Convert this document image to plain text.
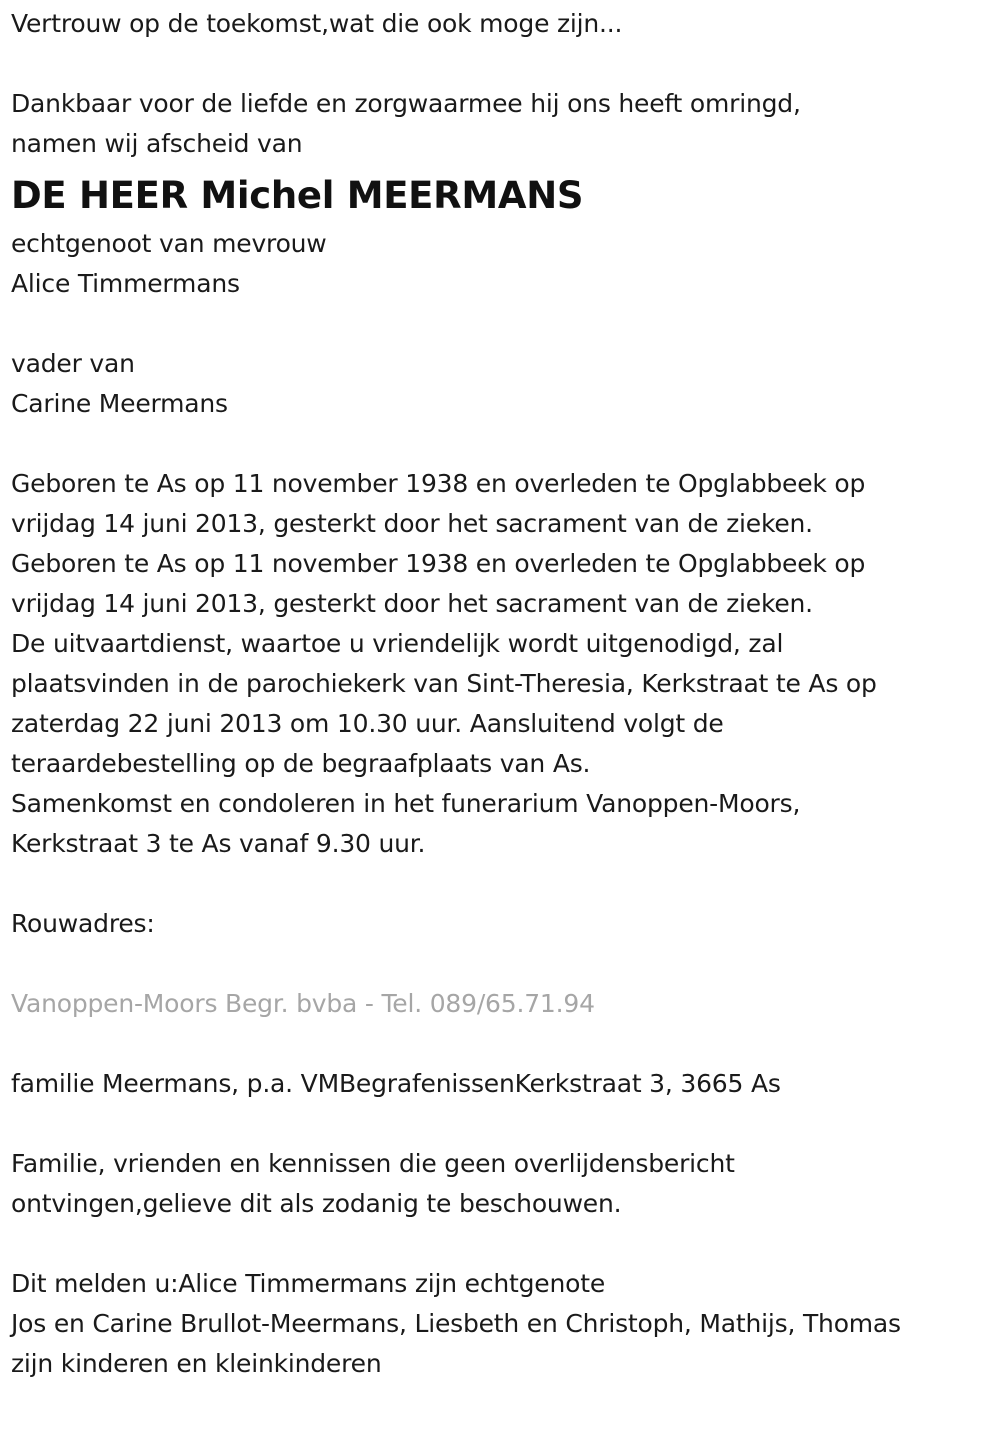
Vertrouw op de toekomst,wat die ook moge zijn...
Dankbaar voor de liefde en zorgwaarmee hij ons heeft omringd,
namen wij afscheid van
DE HEER Michel MEERMANS
echtgenoot van mevrouw
Alice Timmermans
vader van
Carine Meermans
Geboren te As op 11 november 1938 en overleden te Opglabbeek op
vrijdag 14 juni 2013, gesterkt door het sacrament van de zieken.
Geboren te As op 11 november 1938 en overleden te Opglabbeek op
vrijdag 14 juni 2013, gesterkt door het sacrament van de zieken.
De uitvaartdienst, waartoe u vriendelijk wordt uitgenodigd, zal
plaatsvinden in de parochiekerk van Sint-Theresia, Kerkstraat te As op
zaterdag 22 juni 2013 om 10.30 uur. Aansluitend volgt de
teraardebestelling op de begraafplaats van As.
Samenkomst en condoleren in het funerarium Vanoppen-Moors,
Kerkstraat 3 te As vanaf 9.30 uur.
Rouwadres:
Vanoppen-Moors Begr. bvba - Tel. 089/65.71.94
familie Meermans, p.a. VMBegrafenissenKerkstraat 3, 3665 As
Familie, vrienden en kennissen die geen overlijdensbericht
ontvingen,gelieve dit als zodanig te beschouwen.
Dit melden u:Alice Timmermans zijn echtgenote
Jos en Carine Brullot-Meermans, Liesbeth en Christoph, Mathijs, Thomas
zijn kinderen en kleinkinderen
